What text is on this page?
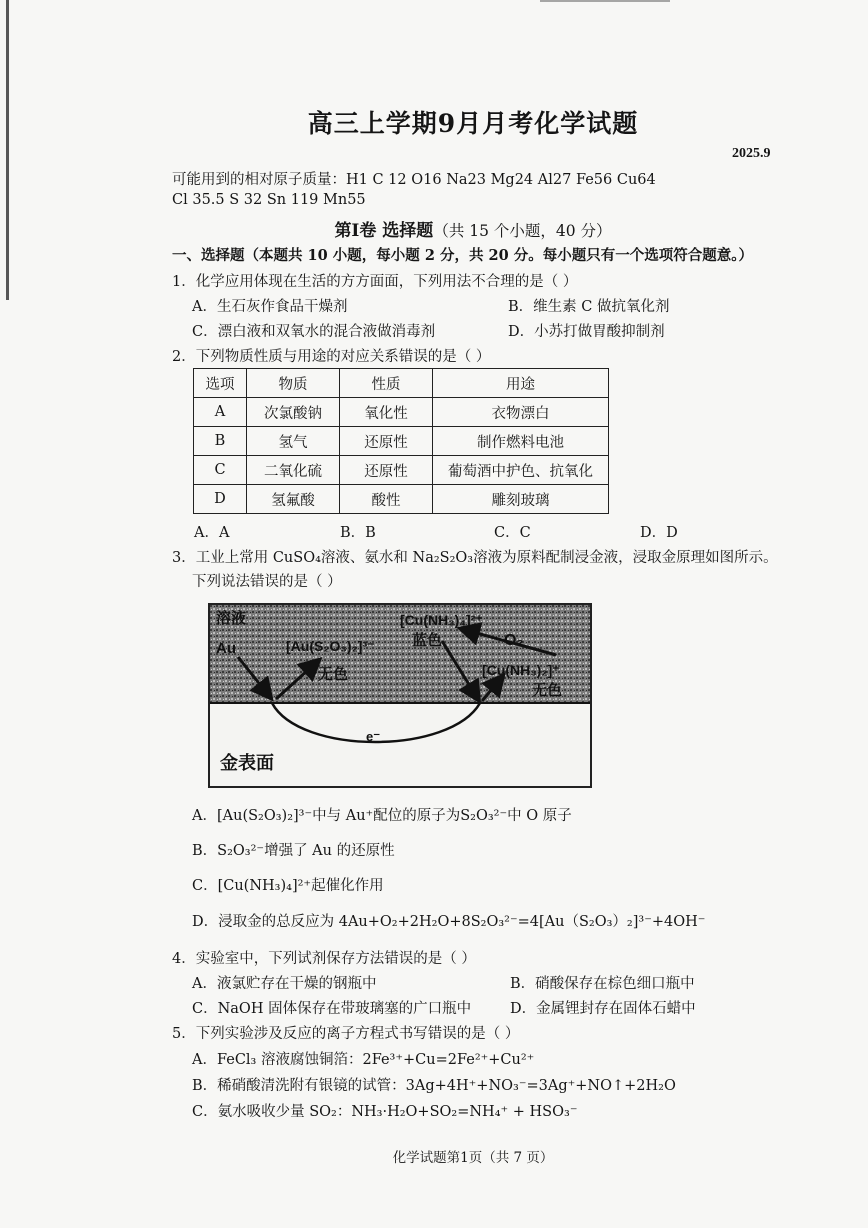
高三上学期9月月考化学试题
2025.9
可能用到的相对原子质量：H1 C 12 O16 Na23 Mg24 Al27 Fe56 Cu64
Cl 35.5 S 32 Sn 119 Mn55
第Ⅰ卷 选择题（共 15 个小题，40 分）
一、选择题（本题共 10 小题，每小题 2 分，共 20 分。每小题只有一个选项符合题意。）
1．化学应用体现在生活的方方面面，下列用法不合理的是（ ）
A．生石灰作食品干燥剂	B．维生素 C 做抗氧化剂
C．漂白液和双氧水的混合液做消毒剂	D．小苏打做胃酸抑制剂
2．下列物质性质与用途的对应关系错误的是（ ）
选项	物质	性质	用途
A	次氯酸钠	氧化性	衣物漂白
B	氢气	还原性	制作燃料电池
C	二氧化硫	还原性	葡萄酒中护色、抗氧化
D	氢氟酸	酸性	雕刻玻璃
A．A	B．B	C．C	D．D
3．工业上常用 CuSO₄溶液、氨水和 Na₂S₂O₃溶液为原料配制浸金液，浸取金原理如图所示。
下列说法错误的是（ ）
溶液
Au	[Au(S₂O₃)₂]³⁻
无色
[Cu(NH₃)₄]²⁺
蓝色	O₂
[Cu(NH₃)₂]⁺
无色
e⁻
金表面
A．[Au(S₂O₃)₂]³⁻中与 Au⁺配位的原子为S₂O₃²⁻中 O 原子
B．S₂O₃²⁻增强了 Au 的还原性
C．[Cu(NH₃)₄]²⁺起催化作用
D．浸取金的总反应为 4Au+O₂+2H₂O+8S₂O₃²⁻=4[Au（S₂O₃）₂]³⁻+4OH⁻
4．实验室中，下列试剂保存方法错误的是（ ）
A．液氯贮存在干燥的钢瓶中	B．硝酸保存在棕色细口瓶中
C．NaOH 固体保存在带玻璃塞的广口瓶中	D．金属锂封存在固体石蜡中
5．下列实验涉及反应的离子方程式书写错误的是（ ）
A．FeCl₃ 溶液腐蚀铜箔：2Fe³⁺+Cu=2Fe²⁺+Cu²⁺
B．稀硝酸清洗附有银镜的试管：3Ag+4H⁺+NO₃⁻=3Ag⁺+NO↑+2H₂O
C．氨水吸收少量 SO₂：NH₃·H₂O+SO₂=NH₄⁺ + HSO₃⁻
化学试题第1页（共 7 页）
